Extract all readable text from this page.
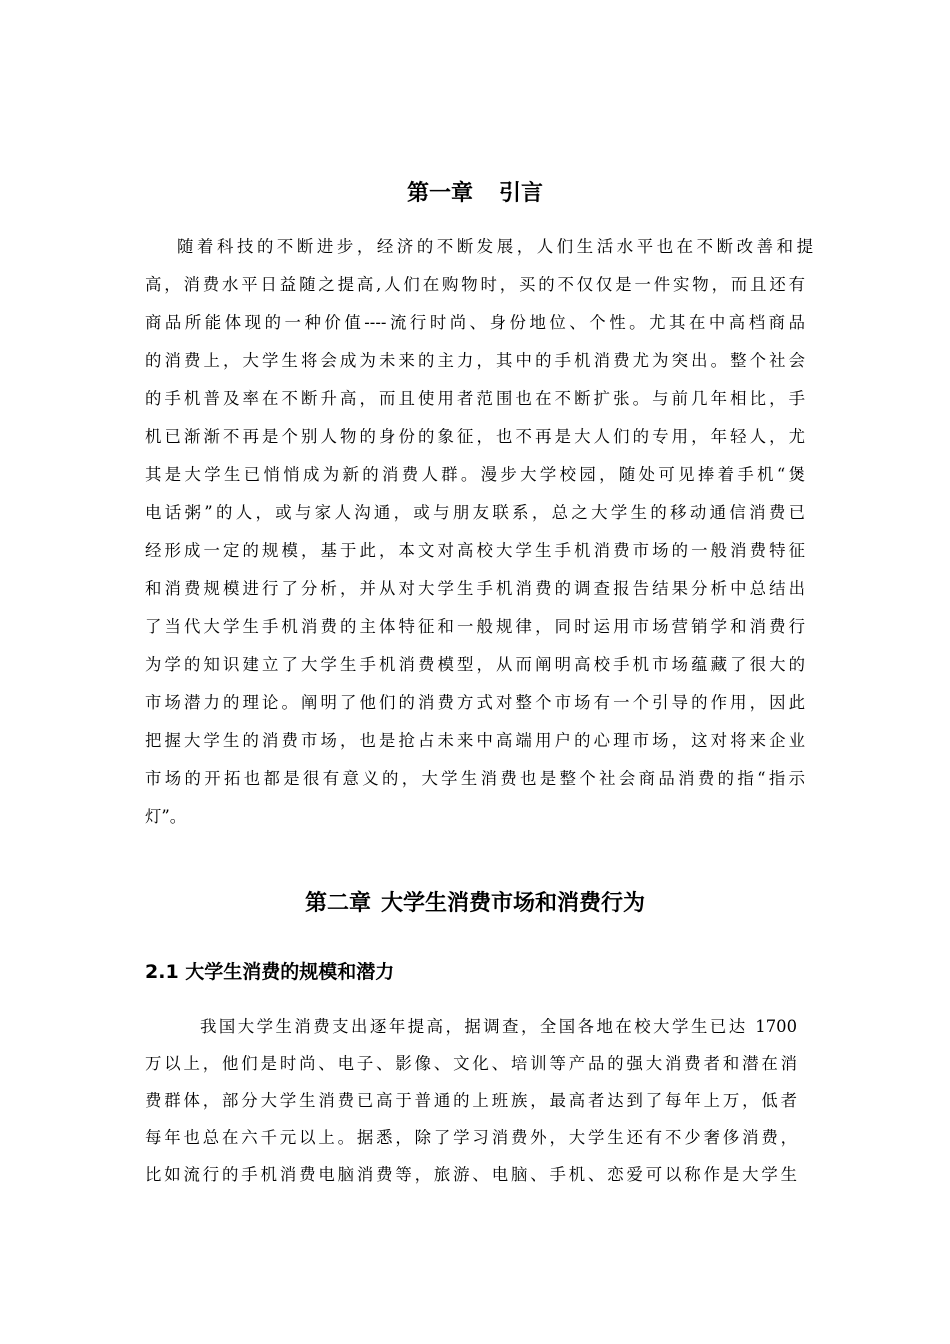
第一章 引言

随着科技的不断进步，经济的不断发展，人们生活水平也在不断改善和提

高，消费水平日益随之提高,人们在购物时，买的不仅仅是一件实物，而且还有

商品所能体现的一种价值----流行时尚、身份地位、个性。尤其在中高档商品

的消费上，大学生将会成为未来的主力，其中的手机消费尤为突出。整个社会

的手机普及率在不断升高，而且使用者范围也在不断扩张。与前几年相比，手

机已渐渐不再是个别人物的身份的象征，也不再是大人们的专用，年轻人，尤

其是大学生已悄悄成为新的消费人群。漫步大学校园，随处可见捧着手机“煲

电话粥”的人，或与家人沟通，或与朋友联系，总之大学生的移动通信消费已

经形成一定的规模，基于此，本文对高校大学生手机消费市场的一般消费特征

和消费规模进行了分析，并从对大学生手机消费的调查报告结果分析中总结出

了当代大学生手机消费的主体特征和一般规律，同时运用市场营销学和消费行

为学的知识建立了大学生手机消费模型，从而阐明高校手机市场蕴藏了很大的

市场潜力的理论。阐明了他们的消费方式对整个市场有一个引导的作用，因此

把握大学生的消费市场，也是抢占未来中高端用户的心理市场，这对将来企业

市场的开拓也都是很有意义的，大学生消费也是整个社会商品消费的指“指示

灯”。

第二章 大学生消费市场和消费行为
2.1 大学生消费的规模和潜力

我国大学生消费支出逐年提高，据调查，全国各地在校大学生已达 1700

万以上，他们是时尚、电子、影像、文化、培训等产品的强大消费者和潜在消

费群体，部分大学生消费已高于普通的上班族，最高者达到了每年上万，低者

每年也总在六千元以上。据悉，除了学习消费外，大学生还有不少奢侈消费，

比如流行的手机消费电脑消费等，旅游、电脑、手机、恋爱可以称作是大学生
